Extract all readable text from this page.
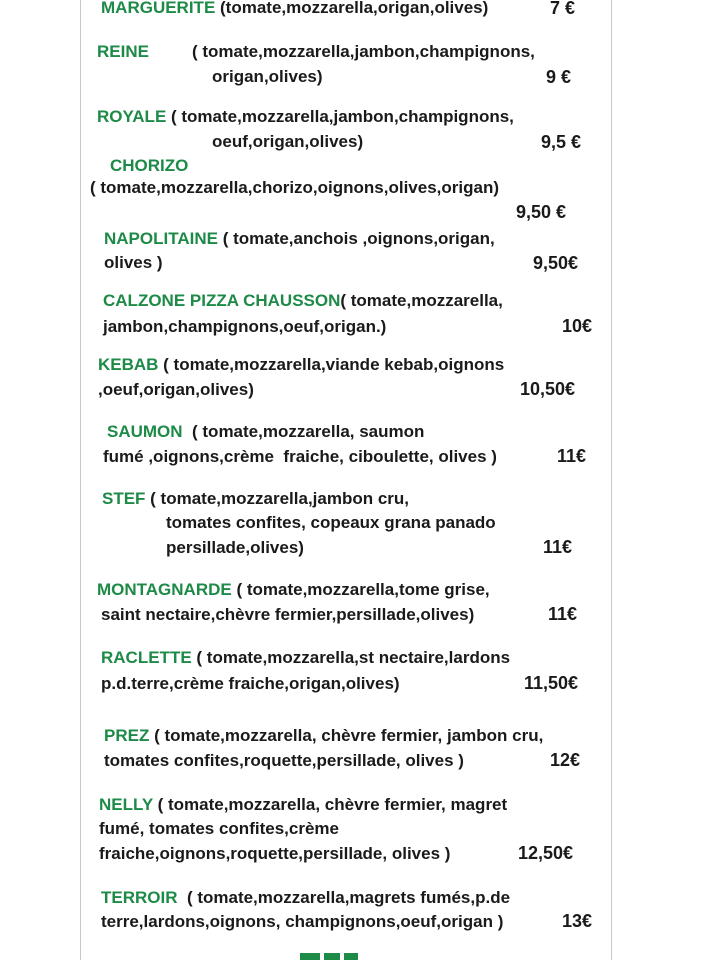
MARGUERITE (tomate,mozzarella,origan,olives)	7 €
REINE	( tomate,mozzarella,jambon,champignons,
origan,olives)	9 €
ROYALE ( tomate,mozzarella,jambon,champignons,
oeuf,origan,olives)	9,5 €
CHORIZO
( tomate,mozzarella,chorizo,oignons,olives,origan)
9,50 €
NAPOLITAINE ( tomate,anchois ,oignons,origan,
olives )	9,50€
CALZONE PIZZA CHAUSSON( tomate,mozzarella,
jambon,champignons,oeuf,origan.)	10€
KEBAB ( tomate,mozzarella,viande kebab,oignons
,oeuf,origan,olives)	10,50€
SAUMON  ( tomate,mozzarella, saumon
fumé ,oignons,crème  fraiche, ciboulette, olives )	11€
STEF ( tomate,mozzarella,jambon cru,
tomates confites, copeaux grana panado
persillade,olives)	11€
MONTAGNARDE ( tomate,mozzarella,tome grise,
saint nectaire,chèvre fermier,persillade,olives)	11€
RACLETTE ( tomate,mozzarella,st nectaire,lardons
p.d.terre,crème fraiche,origan,olives)	11,50€
PREZ ( tomate,mozzarella, chèvre fermier, jambon cru,
tomates confites,roquette,persillade, olives )	12€
NELLY ( tomate,mozzarella, chèvre fermier, magret
fumé, tomates confites,crème
fraiche,oignons,roquette,persillade, olives )	12,50€
TERROIR  ( tomate,mozzarella,magrets fumés,p.de
terre,lardons,oignons, champignons,oeuf,origan )	13€
